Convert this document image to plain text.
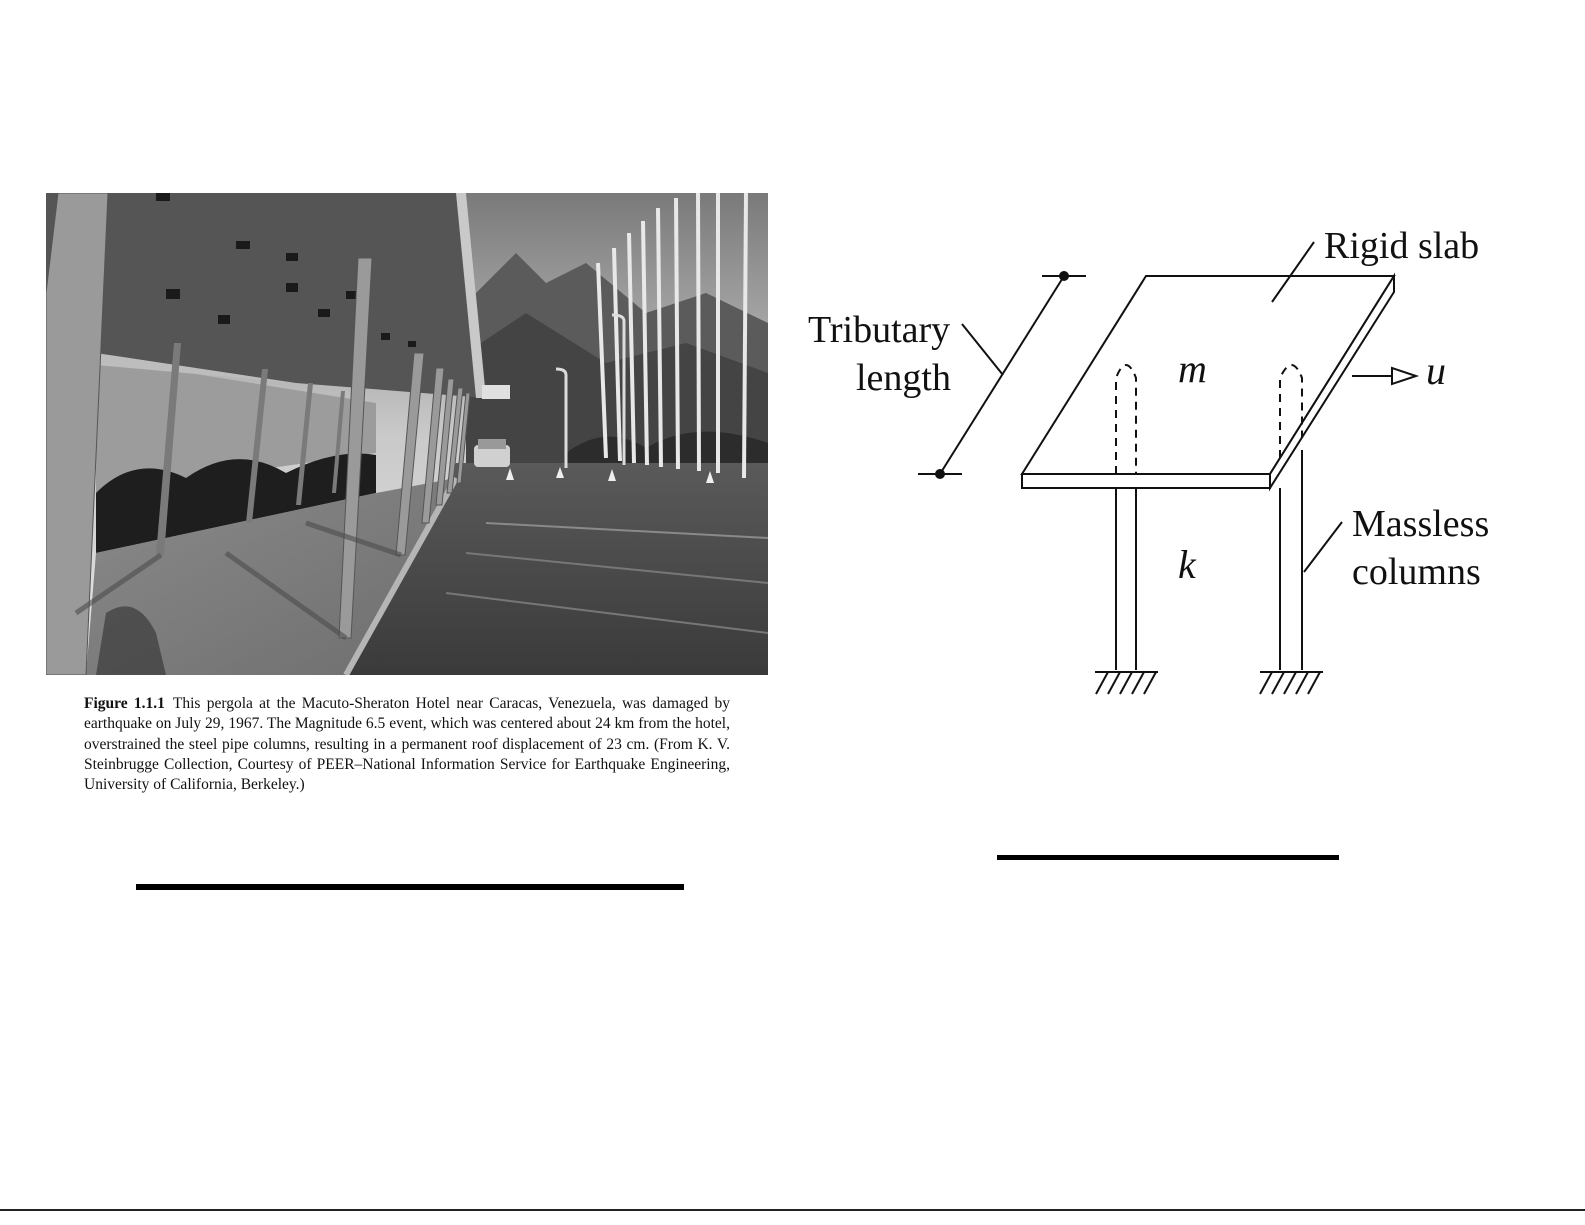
Figure 1.1.1 This pergola at the Macuto-Sheraton Hotel near Caracas, Venezuela, was damaged by earthquake on July 29, 1967. The Magnitude 6.5 event, which was centered about 24 km from the hotel, overstrained the steel pipe columns, resulting in a permanent roof displacement of 23 cm. (From K. V. Steinbrugge Collection, Courtesy of PEER–National Information Service for Earthquake Engineering, University of California, Berkeley.)

Rigid slab
Tributary
length	m	u
k
Massless
columns
